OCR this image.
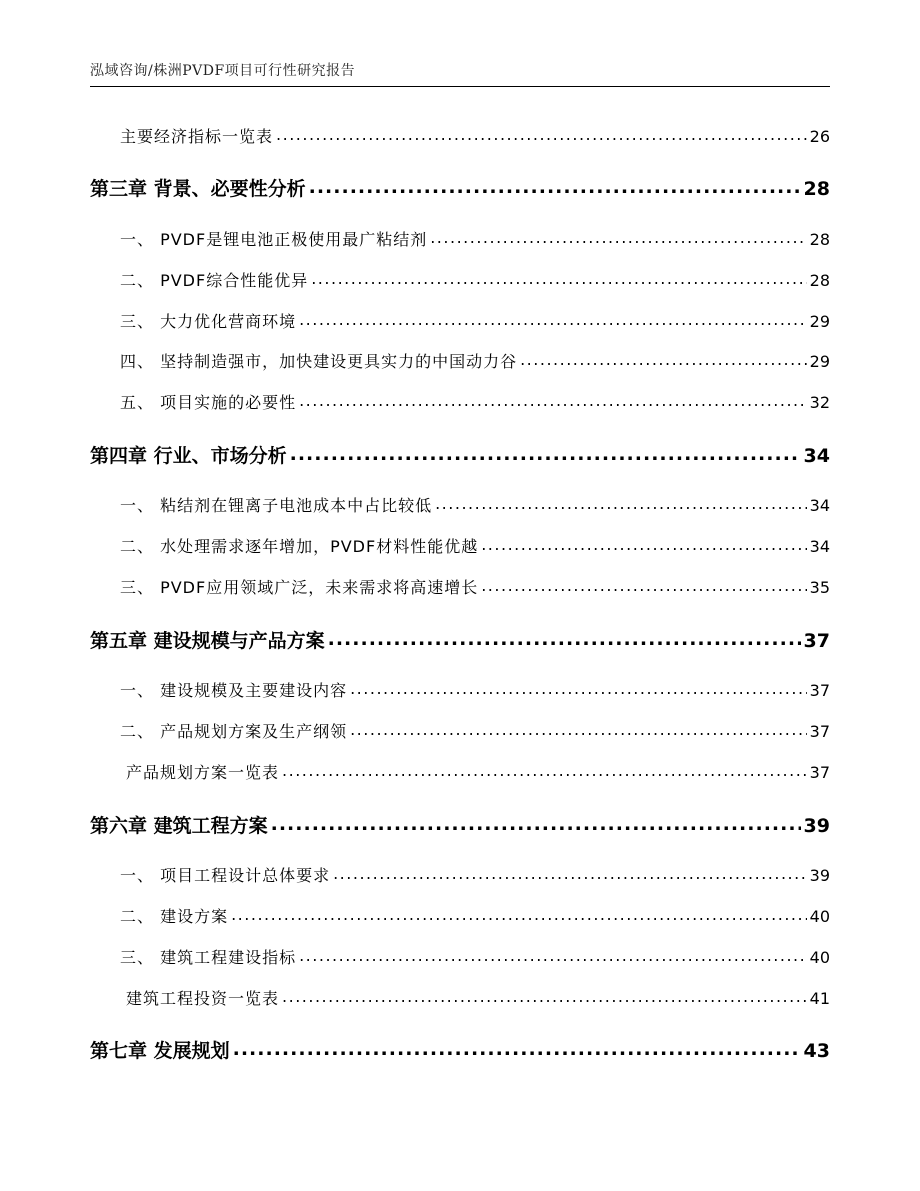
泓域咨询/株洲PVDF项目可行性研究报告
主要经济指标一览表 .....	26
第三章 背景、必要性分析 .....	28
一、 PVDF是锂电池正极使用最广粘结剂 .....	28
二、 PVDF综合性能优异 .....	28
三、 大力优化营商环境 .....	29
四、 坚持制造强市，加快建设更具实力的中国动力谷 .....	29
五、 项目实施的必要性 .....	32
第四章 行业、市场分析 .....	34
一、 粘结剂在锂离子电池成本中占比较低 .....	34
二、 水处理需求逐年增加，PVDF材料性能优越 .....	34
三、 PVDF应用领域广泛，未来需求将高速增长 .....	35
第五章 建设规模与产品方案 .....	37
一、 建设规模及主要建设内容 .....	37
二、 产品规划方案及生产纲领 .....	37
产品规划方案一览表 .....	37
第六章 建筑工程方案 .....	39
一、 项目工程设计总体要求 .....	39
二、 建设方案 .....	40
三、 建筑工程建设指标 .....	40
建筑工程投资一览表 .....	41
第七章 发展规划 .....	43
